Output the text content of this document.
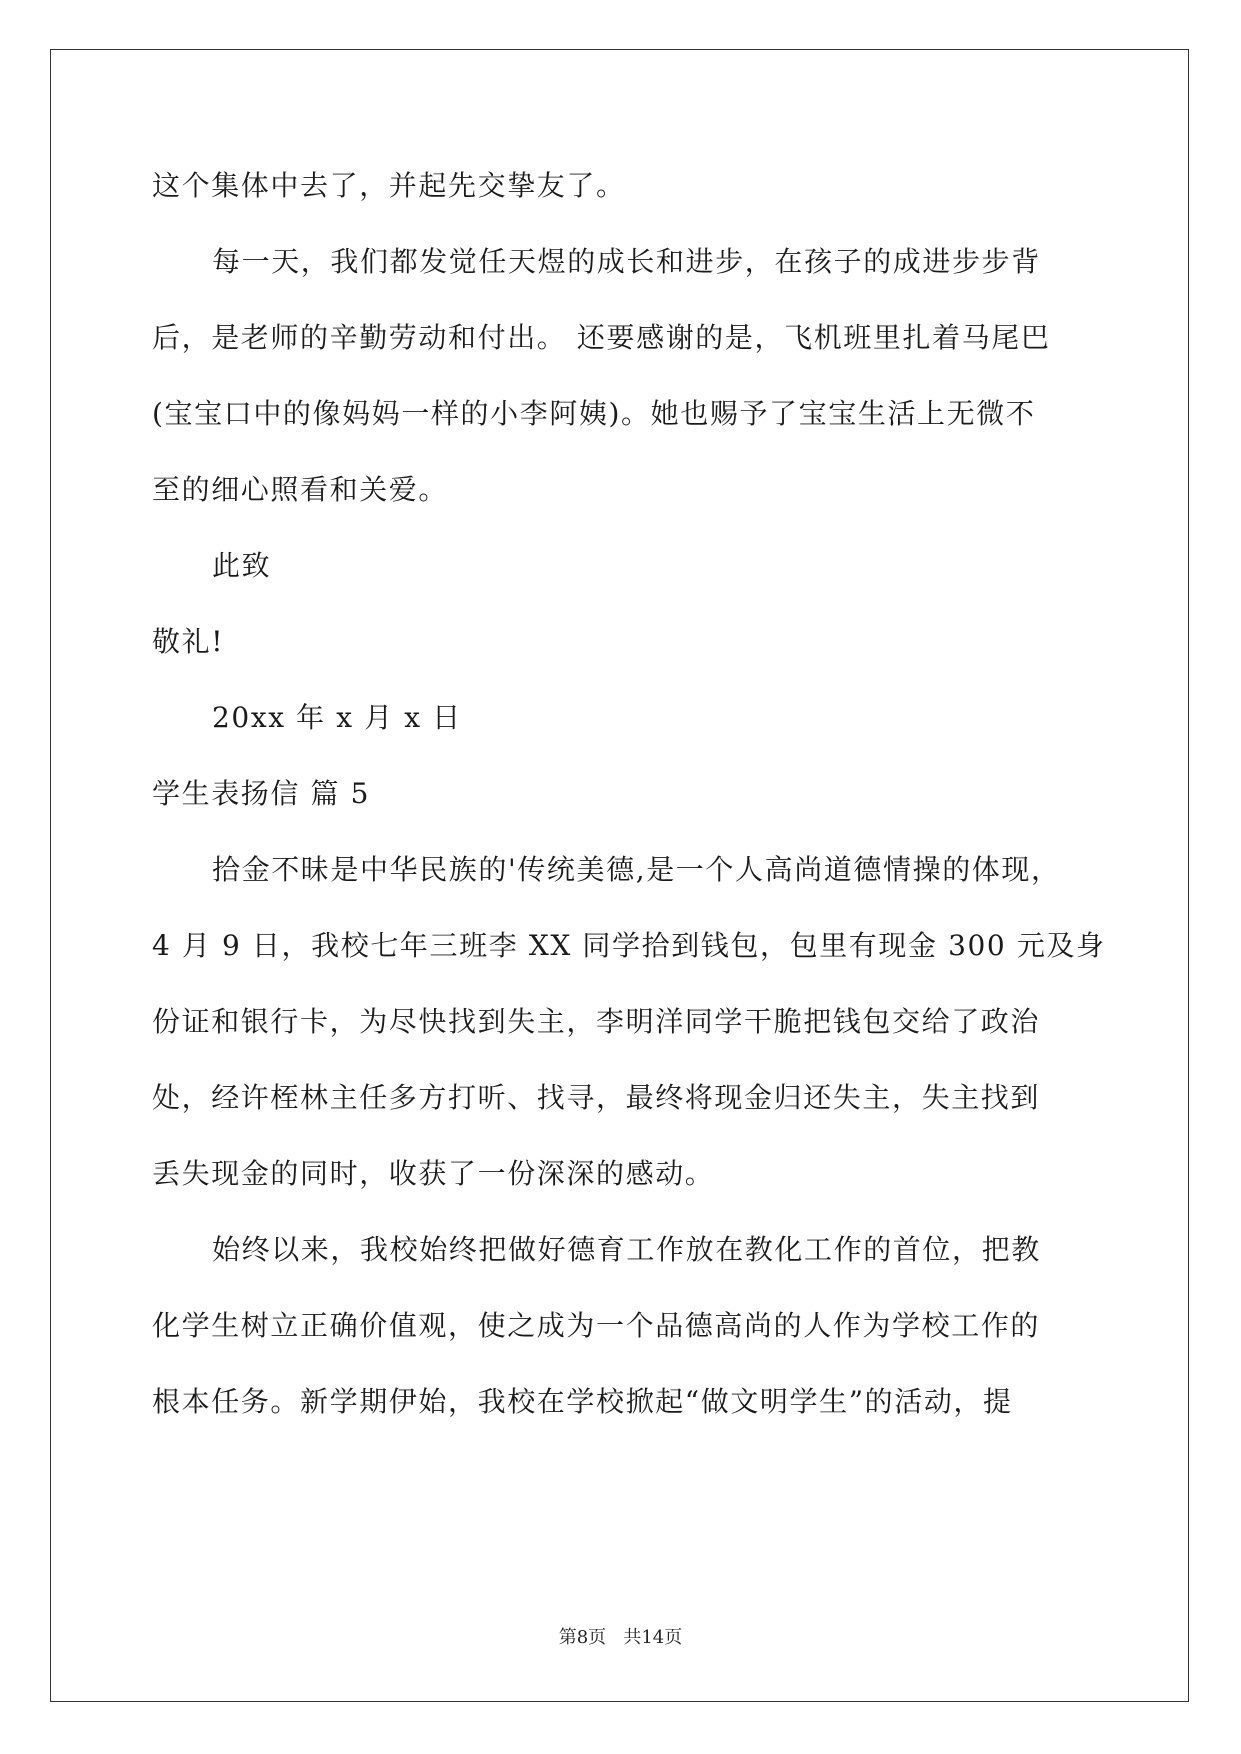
这个集体中去了，并起先交挚友了。
每一天，我们都发觉任天煜的成长和进步，在孩子的成进步步背
后，是老师的辛勤劳动和付出。 还要感谢的是，飞机班里扎着马尾巴
(宝宝口中的像妈妈一样的小李阿姨)。她也赐予了宝宝生活上无微不
至的细心照看和关爱。
此致
敬礼!
20xx 年 x 月 x 日
学生表扬信 篇 5
拾金不昧是中华民族的'传统美德,是一个人高尚道德情操的体现，
4 月 9 日，我校七年三班李 XX 同学拾到钱包，包里有现金 300 元及身
份证和银行卡，为尽快找到失主，李明洋同学干脆把钱包交给了政治
处，经许桎林主任多方打听、找寻，最终将现金归还失主，失主找到
丢失现金的同时，收获了一份深深的感动。
始终以来，我校始终把做好德育工作放在教化工作的首位，把教
化学生树立正确价值观，使之成为一个品德高尚的人作为学校工作的
根本任务。新学期伊始，我校在学校掀起“做文明学生”的活动，提
第8页   共14页
